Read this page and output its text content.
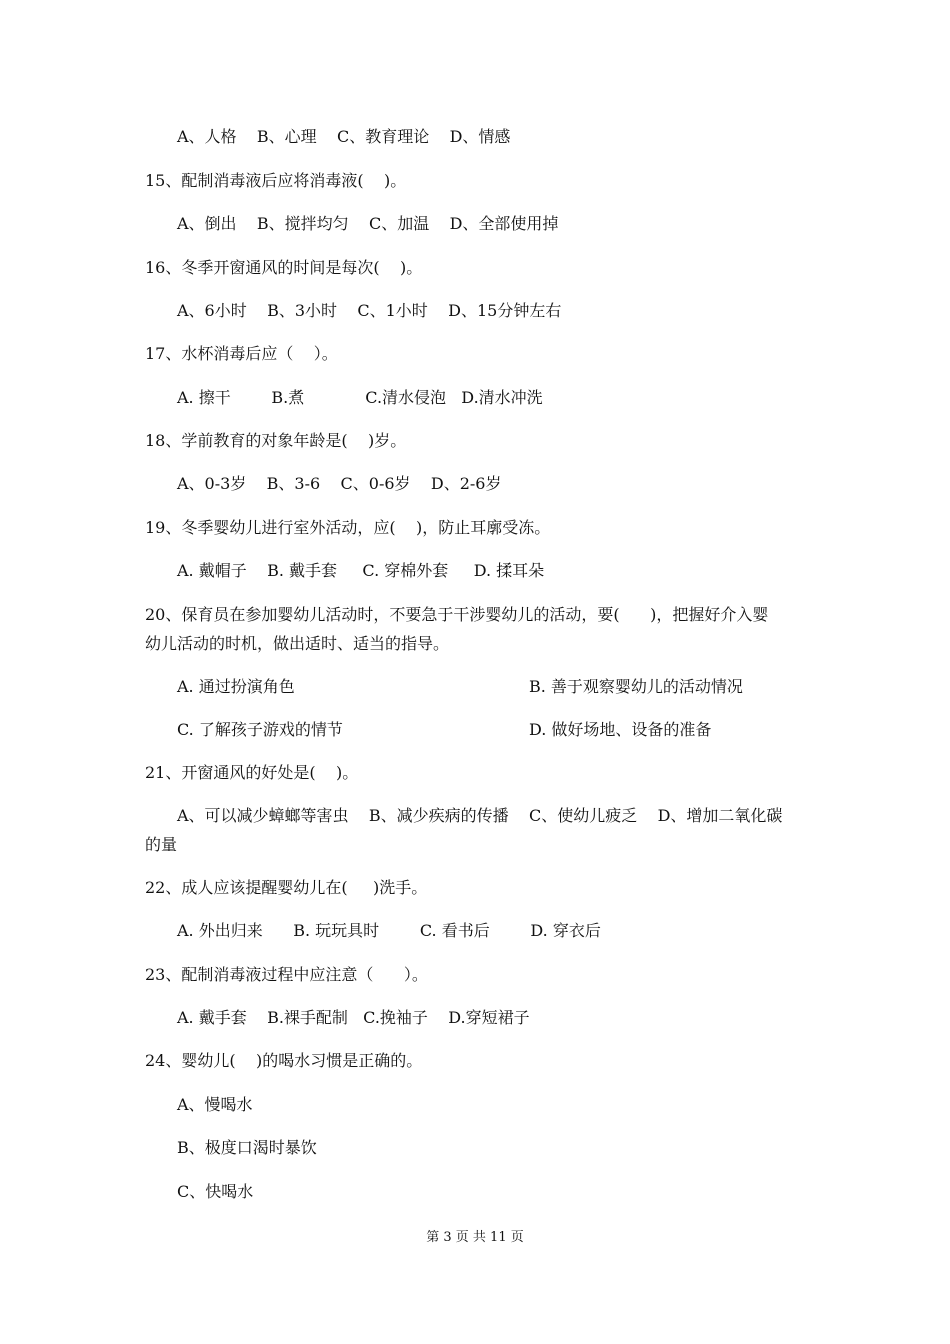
A、人格    B、心理    C、教育理论    D、情感
15、配制消毒液后应将消毒液(    )。
A、倒出    B、搅拌均匀    C、加温    D、全部使用掉
16、冬季开窗通风的时间是每次(    )。
A、6小时    B、3小时    C、1小时    D、15分钟左右
17、水杯消毒后应（    ）。
A. 擦干        B.煮            C.清水侵泡   D.清水冲洗
18、学前教育的对象年龄是(    )岁。
A、0-3岁    B、3-6    C、0-6岁    D、2-6岁
19、冬季婴幼儿进行室外活动，应(    )，防止耳廓受冻。
A. 戴帽子    B. 戴手套     C. 穿棉外套     D. 揉耳朵
20、保育员在参加婴幼儿活动时，不要急于干涉婴幼儿的活动，要(      )，把握好介入婴
幼儿活动的时机，做出适时、适当的指导。
A. 通过扮演角色	B. 善于观察婴幼儿的活动情况
C. 了解孩子游戏的情节	D. 做好场地、设备的准备
21、开窗通风的好处是(    )。
A、可以减少蟑螂等害虫    B、减少疾病的传播    C、使幼儿疲乏    D、增加二氧化碳
的量
22、成人应该提醒婴幼儿在(     )洗手。
A. 外出归来      B. 玩玩具时        C. 看书后        D. 穿衣后
23、配制消毒液过程中应注意（      ）。
A. 戴手套    B.裸手配制   C.挽袖子    D.穿短裙子
24、婴幼儿(    )的喝水习惯是正确的。
A、慢喝水
B、极度口渴时暴饮
C、快喝水
第 3 页 共 11 页
